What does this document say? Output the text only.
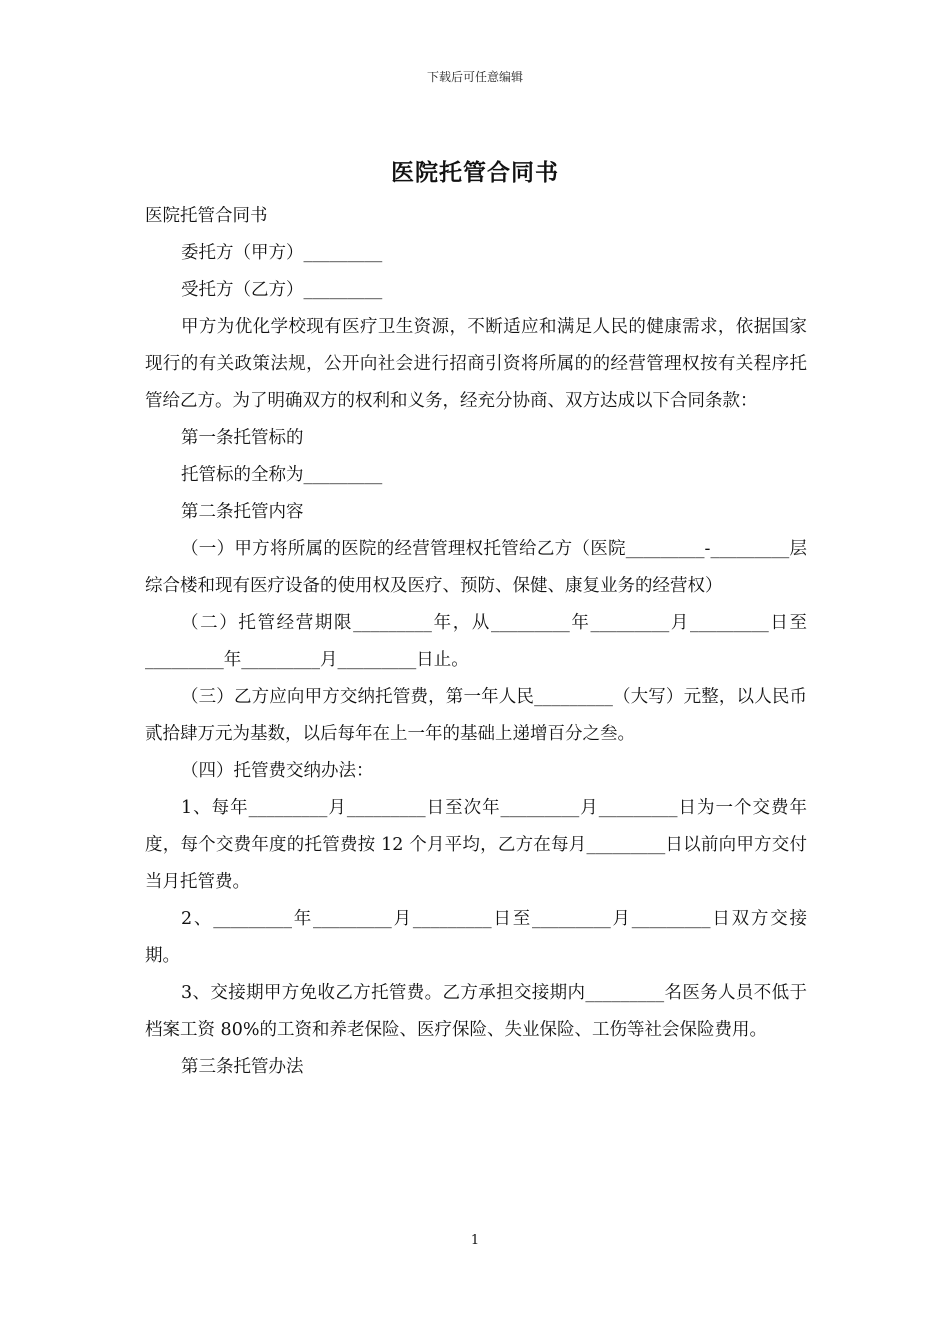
下载后可任意编辑
医院托管合同书

医院托管合同书

委托方（甲方）_________

受托方（乙方）_________

甲方为优化学校现有医疗卫生资源，不断适应和满足人民的健康需求，依据国家现行的有关政策法规，公开向社会进行招商引资将所属的的经营管理权按有关程序托管给乙方。为了明确双方的权利和义务，经充分协商、双方达成以下合同条款：

第一条托管标的

托管标的全称为_________

第二条托管内容

（一）甲方将所属的医院的经营管理权托管给乙方（医院_________-_________层综合楼和现有医疗设备的使用权及医疗、预防、保健、康复业务的经营权）

（二）托管经营期限_________年，从_________年_________月_________日至_________年_________月_________日止。

（三）乙方应向甲方交纳托管费，第一年人民_________（大写）元整，以人民币贰拾肆万元为基数，以后每年在上一年的基础上递增百分之叁。

（四）托管费交纳办法：

1、每年_________月_________日至次年_________月_________日为一个交费年度，每个交费年度的托管费按 12 个月平均，乙方在每月_________日以前向甲方交付当月托管费。

2、_________年_________月_________日至_________月_________日双方交接期。

3、交接期甲方免收乙方托管费。乙方承担交接期内_________名医务人员不低于档案工资 80%的工资和养老保险、医疗保险、失业保险、工伤等社会保险费用。

第三条托管办法

1
